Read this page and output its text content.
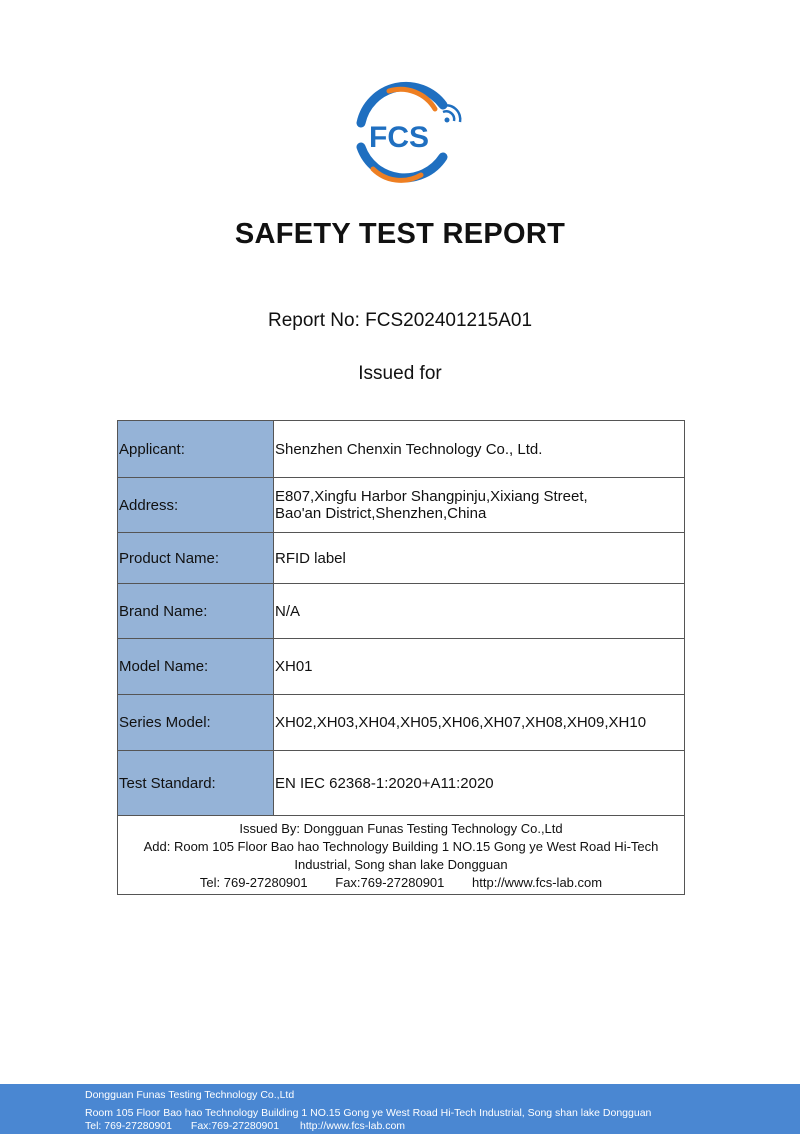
FCS
SAFETY TEST REPORT
Report No: FCS202401215A01
Issued for
Applicant:	Shenzhen Chenxin Technology Co., Ltd.
Address:	E807,Xingfu Harbor Shangpinju,Xixiang Street,
Bao'an District,Shenzhen,China
Product Name:	RFID label
Brand Name:	N/A
Model Name:	XH01
Series Model:	XH02,XH03,XH04,XH05,XH06,XH07,XH08,XH09,XH10
Test Standard:	EN IEC 62368-1:2020+A11:2020

Issued By: Dongguan Funas Testing Technology Co.,Ltd
Add: Room 105 Floor Bao hao Technology Building 1 NO.15 Gong ye West Road Hi-Tech
Industrial, Song shan lake Dongguan
Tel: 769-27280901 Fax:769-27280901 http://www.fcs-lab.com	
Dongguan Funas Testing Technology Co.,Ltd
Room 105 Floor Bao hao Technology Building 1 NO.15 Gong ye West Road Hi-Tech Industrial, Song shan lake Dongguan
Tel: 769-27280901 Fax:769-27280901 http://www.fcs-lab.com
